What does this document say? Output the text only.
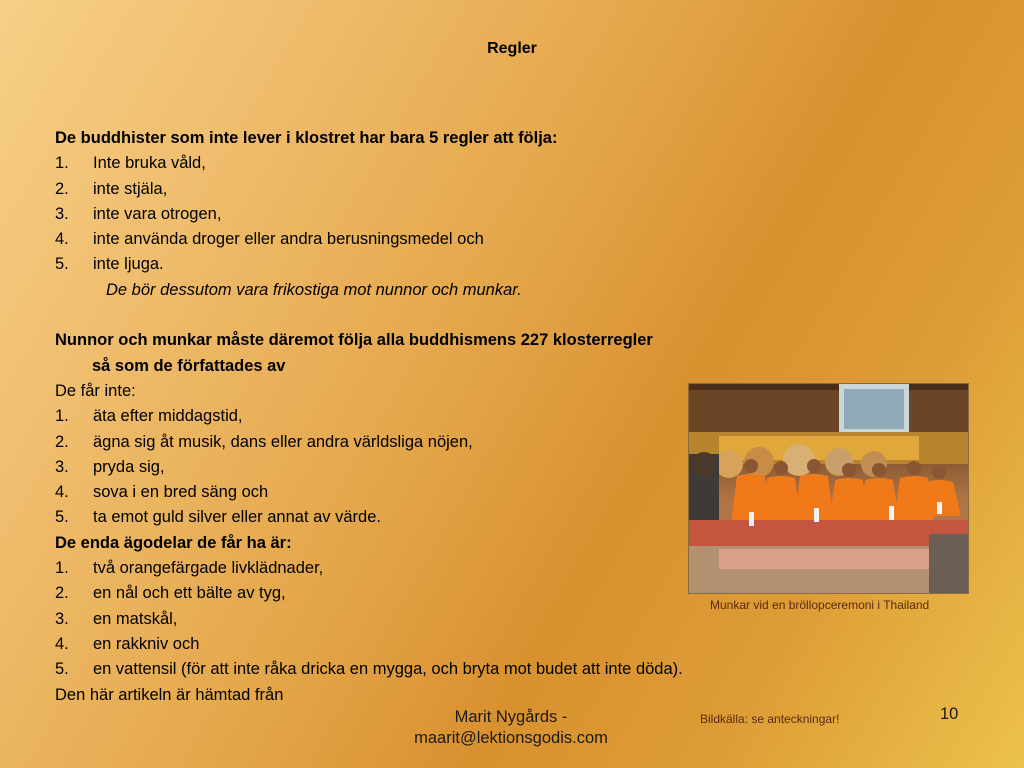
Regler
De buddhister som inte lever i klostret har bara 5 regler att följa:
1. Inte bruka våld,
2. inte stjäla,
3. inte vara otrogen,
4. inte använda droger eller andra berusningsmedel och
5. inte ljuga.
De bör dessutom vara frikostiga mot nunnor och munkar.
Nunnor och munkar måste däremot följa alla buddhismens 227 klosterregler
så som de författades av
De får inte:
1. äta efter middagstid,
2. ägna sig åt musik, dans eller andra världsliga nöjen,
3. pryda sig,
4. sova i en bred säng och
5. ta emot guld silver eller annat av värde.
De enda ägodelar de får ha är:
1. två orangefärgade livklädnader,
2. en nål och ett bälte av tyg,
3. en matskål,
4. en rakkniv och
5. en vattensil (för att inte råka dricka en mygga, och bryta mot budet att inte döda).
Den här artikeln är hämtad från
Munkar vid en bröllopceremoni i Thailand
Marit Nygårds -
maarit@lektionsgodis.com
Bildkälla: se anteckningar!	10
